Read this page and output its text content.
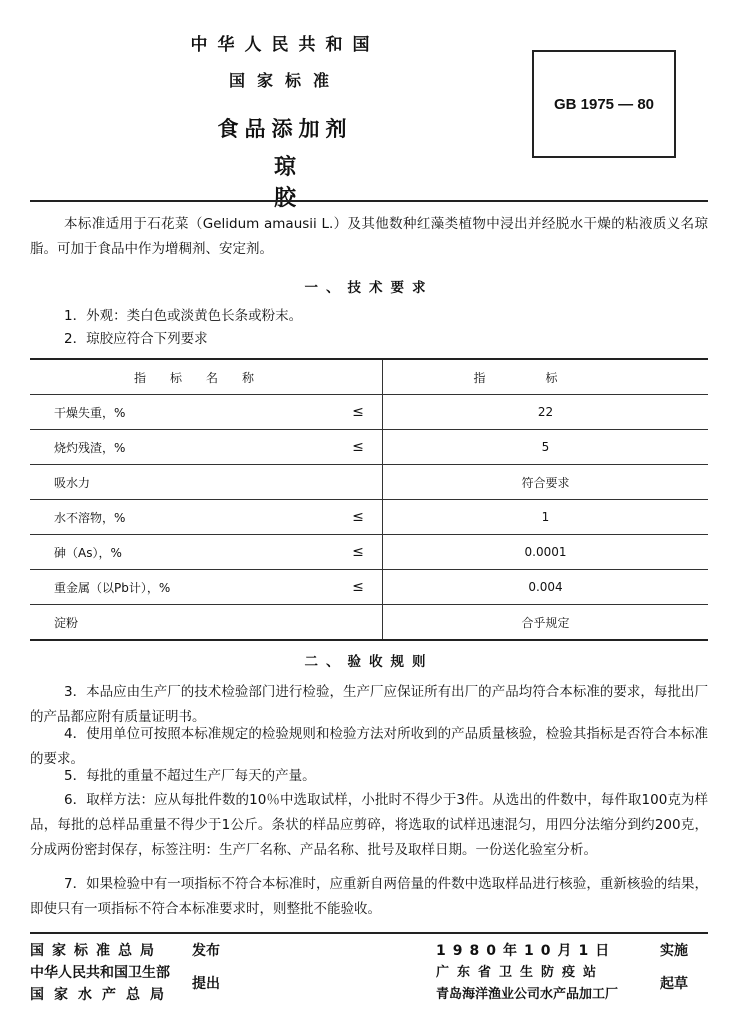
中华人民共和国
国家标准
食品添加剂
琼胶
GB 1975 — 80
本标准适用于石花菜（Gelidum amausii L.）及其他数种红藻类植物中浸出并经脱水干燥的粘液质义名琼脂。可加于食品中作为增稠剂、安定剂。
一、技术要求
1．外观：类白色或淡黄色长条或粉末。
2．琼胶应符合下列要求
指标名称		指标
干燥失重，%	≤	22
烧灼残渣，%	≤	5
吸水力		符合要求
水不溶物，%	≤	1
砷（As），%	≤	0.0001
重金属（以Pb计），%	≤	0.004
淀粉		合乎规定
二、验收规则
3．本品应由生产厂的技术检验部门进行检验，生产厂应保证所有出厂的产品均符合本标准的要求，每批出厂的产品都应附有质量证明书。
4．使用单位可按照本标准规定的检验规则和检验方法对所收到的产品质量核验，检验其指标是否符合本标准的要求。
5．每批的重量不超过生产厂每天的产量。
6．取样方法：应从每批件数的10％中选取试样，小批时不得少于3件。从选出的件数中，每件取100克为样品，每批的总样品重量不得少于1公斤。条状的样品应剪碎，将选取的试样迅速混匀，用四分法缩分到约200克，分成两份密封保存，标签注明：生产厂名称、产品名称、批号及取样日期。一份送化验室分析。
7．如果检验中有一项指标不符合本标准时，应重新自两倍量的件数中选取样品进行核验，重新核验的结果，即使只有一项指标不符合本标准要求时，则整批不能验收。
国家标准总局	发布
中华人民共和国卫生部
国家水产总局
提出
1980年10月1日	实施
广东省卫生防疫站
青岛海洋渔业公司水产品加工厂
起草
